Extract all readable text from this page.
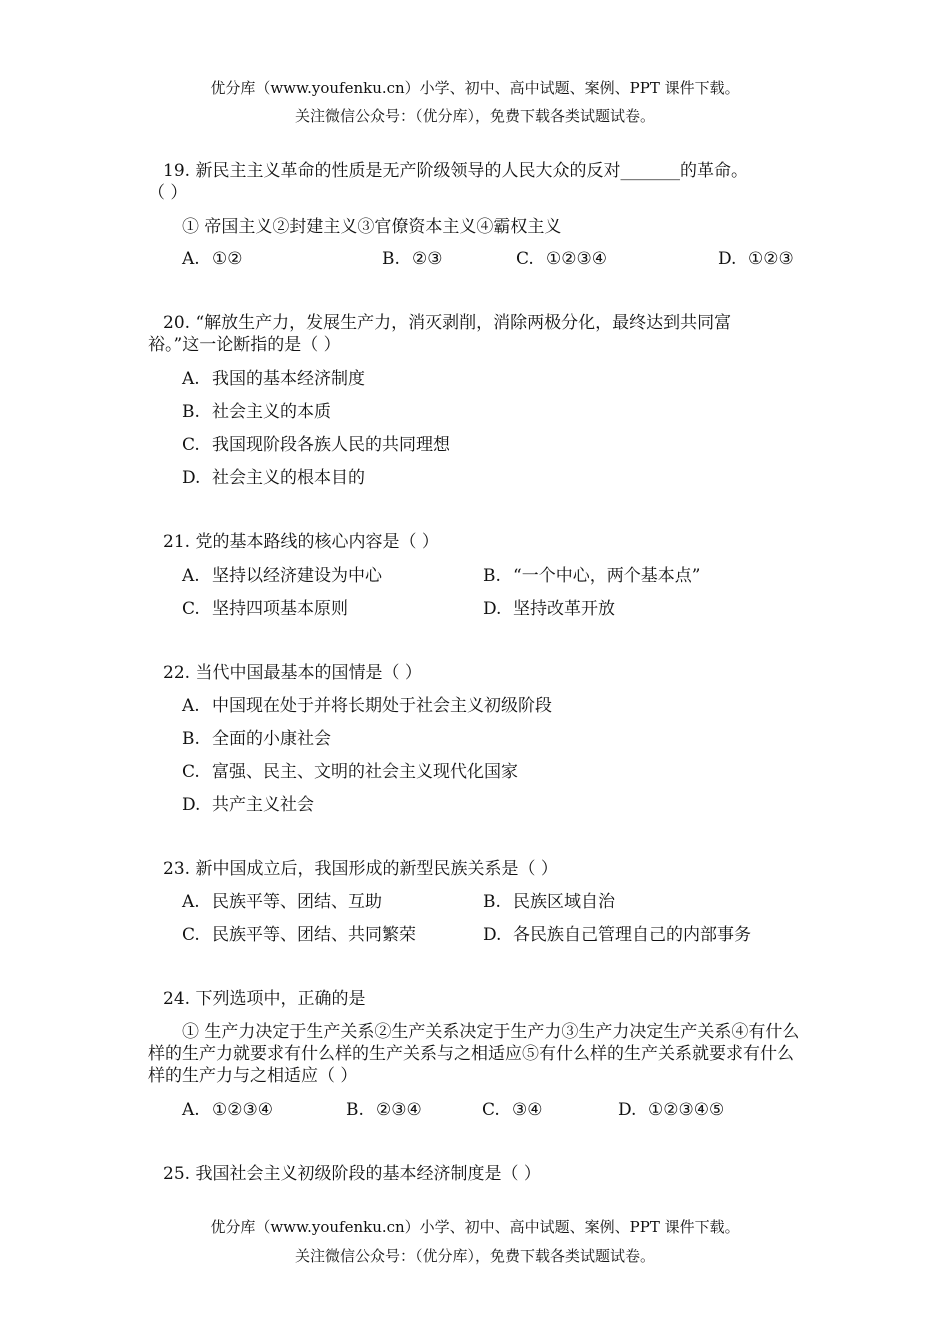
优分库（www.youfenku.cn）小学、初中、高中试题、案例、PPT 课件下载。
关注微信公众号：（优分库），免费下载各类试题试卷。
19. 新民主主义革命的性质是无产阶级领导的人民大众的反对_______的革命。
（ ）
① 帝国主义②封建主义③官僚资本主义④霸权主义
A. ①②	B. ②③	C. ①②③④	D. ①②③
20. “解放生产力，发展生产力，消灭剥削，消除两极分化，最终达到共同富
裕。”这一论断指的是（ ）
A. 我国的基本经济制度
B. 社会主义的本质
C. 我国现阶段各族人民的共同理想
D. 社会主义的根本目的
21. 党的基本路线的核心内容是（ ）
A. 坚持以经济建设为中心	B. “一个中心，两个基本点”
C. 坚持四项基本原则	D. 坚持改革开放
22. 当代中国最基本的国情是（ ）
A. 中国现在处于并将长期处于社会主义初级阶段
B. 全面的小康社会
C. 富强、民主、文明的社会主义现代化国家
D. 共产主义社会
23. 新中国成立后，我国形成的新型民族关系是（ ）
A. 民族平等、团结、互助	B. 民族区域自治
C. 民族平等、团结、共同繁荣	D. 各民族自己管理自己的内部事务
24. 下列选项中，正确的是
① 生产力决定于生产关系②生产关系决定于生产力③生产力决定生产关系④有什么样的生产力就要求有什么样的生产关系与之相适应⑤有什么样的生产关系就要求有什么样的生产力与之相适应（ ）
A. ①②③④	B. ②③④	C. ③④	D. ①②③④⑤
25. 我国社会主义初级阶段的基本经济制度是（ ）
优分库（www.youfenku.cn）小学、初中、高中试题、案例、PPT 课件下载。
关注微信公众号：（优分库），免费下载各类试题试卷。
